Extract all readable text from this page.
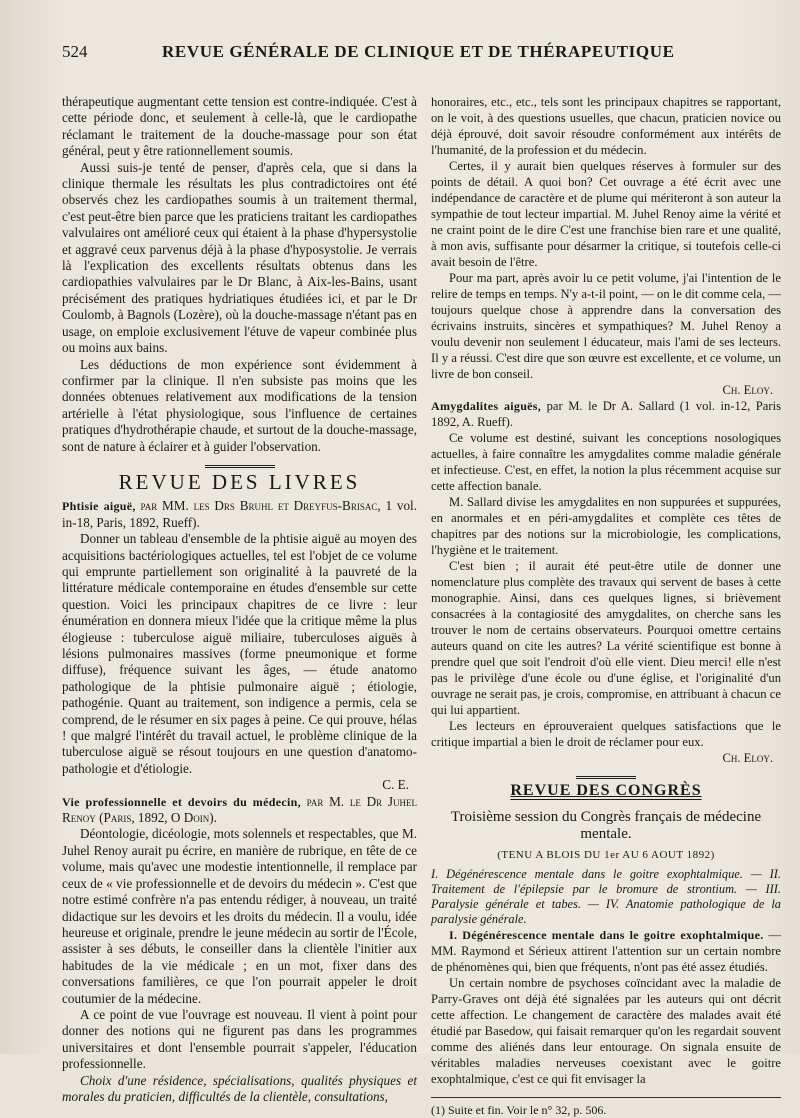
524	REVUE GÉNÉRALE DE CLINIQUE ET DE THÉRAPEUTIQUE

thérapeutique augmentant cette tension est contre-indiquée. C'est à cette période donc, et seulement à celle-là, que le cardiopathe réclamant le traitement de la douche-massage pour son état général, peut y être rationnellement soumis.

Aussi suis-je tenté de penser, d'après cela, que si dans la clinique thermale les résultats les plus contradictoires ont été observés chez les cardiopathes soumis à un traitement thermal, c'est peut-être bien parce que les praticiens traitant les cardiopathes valvulaires ont amélioré ceux qui étaient à la phase d'hypersystolie et aggravé ceux parvenus déjà à la phase d'hyposystolie. Je verrais là l'explication des excellents résultats obtenus dans les cardiopathies valvulaires par le Dr Blanc, à Aix-les-Bains, usant précisément des pratiques hydriatiques étudiées ici, et par le Dr Coulomb, à Bagnols (Lozère), où la douche-massage n'étant pas en usage, on emploie exclusivement l'étuve de vapeur combinée plus ou moins aux bains.

Les déductions de mon expérience sont évidemment à confirmer par la clinique. Il n'en subsiste pas moins que les données obtenues relativement aux modifications de la tension artérielle à l'état physiologique, sous l'influence de certaines pratiques d'hydrothérapie chaude, et surtout de la douche-massage, sont de nature à éclairer et à guider l'observation.

REVUE DES LIVRES

Phtisie aiguë, par MM. les Drs Bruhl et Dreyfus-Brisac, 1 vol. in-18, Paris, 1892, Rueff).

Donner un tableau d'ensemble de la phtisie aiguë au moyen des acquisitions bactériologiques actuelles, tel est l'objet de ce volume qui emprunte partiellement son originalité à la pauvreté de la littérature médicale contemporaine en études d'ensemble sur cette question. Voici les principaux chapitres de ce livre : leur énumération en donnera mieux l'idée que la critique même la plus élogieuse : tuberculose aiguë miliaire, tuberculoses aiguës à lésions pulmonaires massives (forme pneumonique et forme diffuse), fréquence suivant les âges, — étude anatomo pathologique de la phtisie pulmonaire aiguë ; étiologie, pathogénie. Quant au traitement, son indigence a permis, cela se comprend, de le résumer en six pages à peine. Ce qui prouve, hélas ! que malgré l'intérêt du travail actuel, le problème clinique de la tuberculose aiguë se résout toujours en une question d'anatomo-pathologie et d'étiologie.

C. E.

Vie professionnelle et devoirs du médecin, par M. le Dr Juhel Renoy (Paris, 1892, O Doin).

Déontologie, dicéologie, mots solennels et respectables, que M. Juhel Renoy aurait pu écrire, en manière de rubrique, en tête de ce volume, mais qu'avec une modestie intentionnelle, il remplace par ceux de « vie professionnelle et de devoirs du médecin ». C'est que notre estimé confrère n'a pas entendu rédiger, à nouveau, un traité didactique sur les devoirs et les droits du médecin. Il a voulu, idée heureuse et originale, prendre le jeune médecin au sortir de l'École, assister à ses débuts, le conseiller dans la clientèle l'initier aux habitudes de la vie médicale ; en un mot, fixer dans des conversations familières, ce que l'on pourrait appeler le droit coutumier de la médecine.

A ce point de vue l'ouvrage est nouveau. Il vient à point pour donner des notions qui ne figurent pas dans les programmes universitaires et dont l'ensemble pourrait s'appeler, l'éducation professionnelle.

Choix d'une résidence, spécialisations, qualités physiques et morales du praticien, difficultés de la clientèle, consultations,

honoraires, etc., etc., tels sont les principaux chapitres se rapportant, on le voit, à des questions usuelles, que chacun, praticien novice ou déjà éprouvé, doit savoir résoudre conformément aux intérêts de l'humanité, de la profession et du médecin.

Certes, il y aurait bien quelques réserves à formuler sur des points de détail. A quoi bon? Cet ouvrage a été écrit avec une indépendance de caractère et de plume qui mériteront à son auteur la sympathie de tout lecteur impartial. M. Juhel Renoy aime la vérité et ne craint point de le dire C'est une franchise bien rare et une qualité, à mon avis, suffisante pour désarmer la critique, si toutefois celle-ci avait besoin de l'être.

Pour ma part, après avoir lu ce petit volume, j'ai l'intention de le relire de temps en temps. N'y a-t-il point, — on le dit comme cela, — toujours quelque chose à apprendre dans la conversation des écrivains instruits, sincères et sympathiques? M. Juhel Renoy a voulu devenir non seulement l éducateur, mais l'ami de ses lecteurs. Il y a réussi. C'est dire que son œuvre est excellente, et ce volume, un livre de bon conseil.

Ch. Eloy.

Amygdalites aiguës, par M. le Dr A. Sallard (1 vol. in-12, Paris 1892, A. Rueff).

Ce volume est destiné, suivant les conceptions nosologiques actuelles, à faire connaître les amygdalites comme maladie générale et infectieuse. C'est, en effet, la notion la plus récemment acquise sur cette affection banale.

M. Sallard divise les amygdalites en non suppurées et suppurées, en anormales et en péri-amygdalites et complète ces têtes de chapitres par des notions sur la microbiologie, les complications, l'hygiène et le traitement.

C'est bien ; il aurait été peut-être utile de donner une nomenclature plus complète des travaux qui servent de bases à cette monographie. Ainsi, dans ces quelques lignes, si brièvement consacrées à la contagiosité des amygdalites, on cherche sans les trouver le nom de certains observateurs. Pourquoi omettre certains auteurs quand on cite les autres? La vérité scientifique est bonne à prendre quel que soit l'endroit d'où elle vient. Dieu merci! elle n'est pas le privilège d'une école ou d'une église, et l'originalité d'un ouvrage ne serait pas, je crois, compromise, en attribuant à chacun ce qui lui appartient.

Les lecteurs en éprouveraient quelques satisfactions que le critique impartial a bien le droit de réclamer pour eux.

Ch. Eloy.
REVUE DES CONGRÈS
Troisième session du Congrès français de médecine mentale.
(TENU A BLOIS DU 1er AU 6 AOUT 1892)

I. Dégénérescence mentale dans le goitre exophtalmique. — II. Traitement de l'épilepsie par le bromure de strontium. — III. Paralysie générale et tabes. — IV. Anatomie pathologique de la paralysie générale.

I. Dégénérescence mentale dans le goitre exophtalmique. — MM. Raymond et Sérieux attirent l'attention sur un certain nombre de phénomènes qui, bien que fréquents, n'ont pas été assez étudiés.

Un certain nombre de psychoses coïncidant avec la maladie de Parry-Graves ont déjà été signalées par les auteurs qui ont décrit cette affection. Le changement de caractère des malades avait été étudié par Basedow, qui faisait remarquer qu'on les regardait souvent comme des aliénés dans leur entourage. On signala ensuite de véritables maladies nerveuses coexistant avec le goitre exophtalmique, c'est ce qui fit envisager la

(1) Suite et fin. Voir le n° 32, p. 506.
